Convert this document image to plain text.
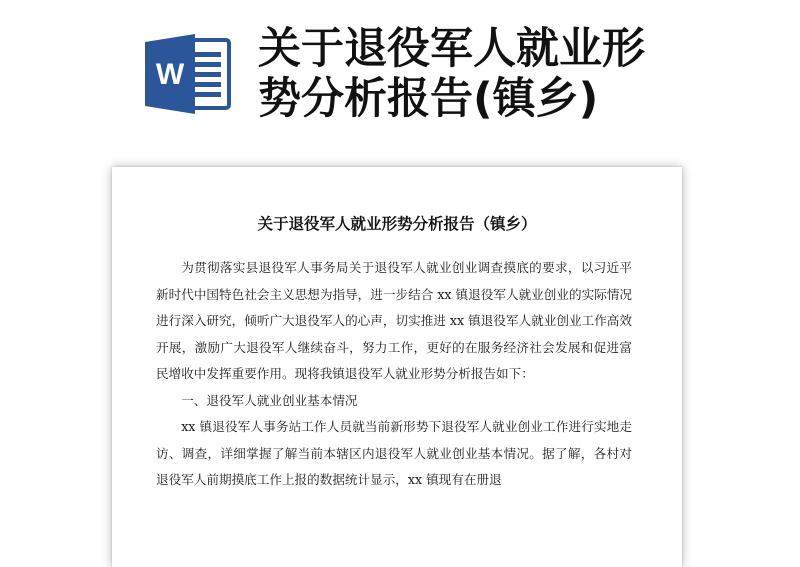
W
关于退役军人就业形
势分析报告(镇乡)
关于退役军人就业形势分析报告（镇乡）

为贯彻落实县退役军人事务局关于退役军人就业创业调查摸底的要求，以习近平新时代中国特色社会主义思想为指导，进一步结合 xx 镇退役军人就业创业的实际情况进行深入研究，倾听广大退役军人的心声，切实推进 xx 镇退役军人就业创业工作高效开展，激励广大退役军人继续奋斗，努力工作，更好的在服务经济社会发展和促进富民增收中发挥重要作用。现将我镇退役军人就业形势分析报告如下：

一、退役军人就业创业基本情况

xx 镇退役军人事务站工作人员就当前新形势下退役军人就业创业工作进行实地走访、调查，详细掌握了解当前本辖区内退役军人就业创业基本情况。据了解，各村对退役军人前期摸底工作上报的数据统计显示，xx 镇现有在册退
